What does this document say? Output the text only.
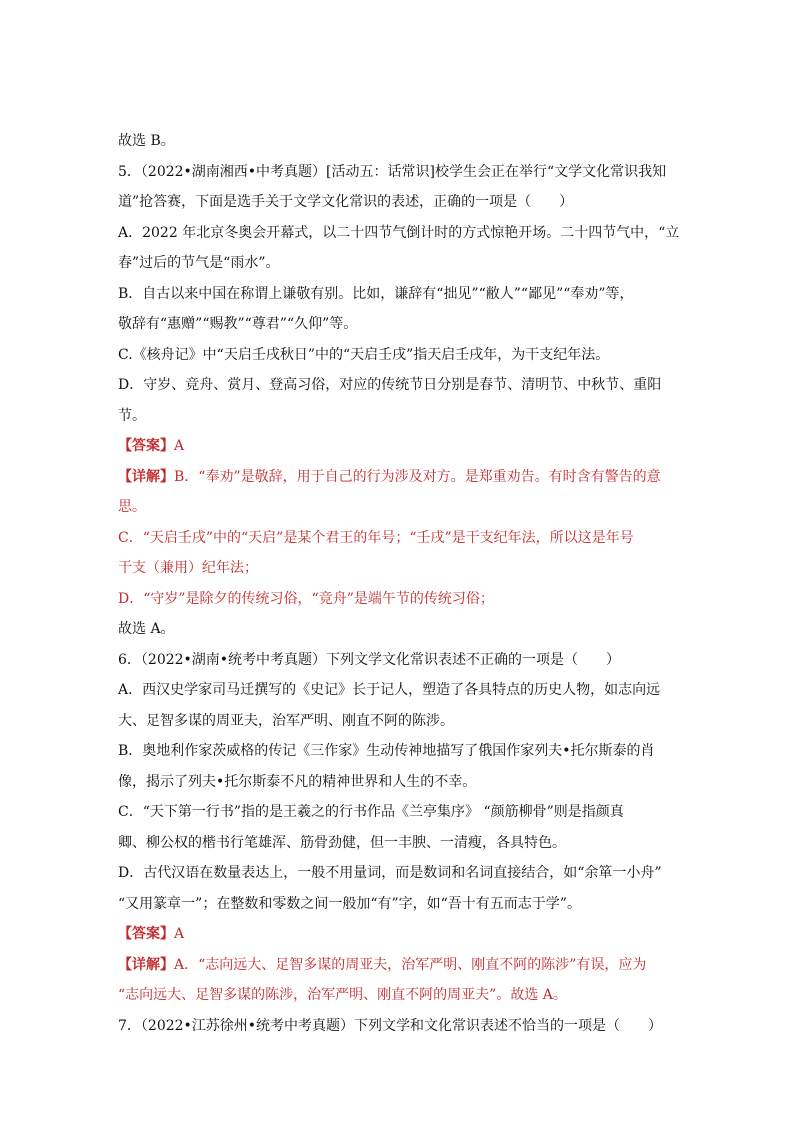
故选 B。
5．（2022•湖南湘西•中考真题）[活动五：话常识]校学生会正在举行“文学文化常识我知
道”抢答赛，下面是选手关于文学文化常识的表述，正确的一项是（　　）
A．2022 年北京冬奥会开幕式，以二十四节气倒计时的方式惊艳开场。二十四节气中，“立
春”过后的节气是“雨水”。
B．自古以来中国在称谓上谦敬有别。比如，谦辞有“拙见”“敝人”“鄙见”“奉劝”等，
敬辞有“惠赠”“赐教”“尊君”“久仰”等。
C.《核舟记》中“天启壬戌秋日”中的“天启壬戌”指天启壬戌年，为干支纪年法。
D．守岁、竞舟、赏月、登高习俗，对应的传统节日分别是春节、清明节、中秋节、重阳
节。
【答案】A
【详解】B．“奉劝”是敬辞，用于自己的行为涉及对方。是郑重劝告。有时含有警告的意
思。
C．“天启壬戌”中的“天启”是某个君王的年号；“壬戌”是干支纪年法，所以这是年号
干支（兼用）纪年法；
D．“守岁”是除夕的传统习俗，“竞舟”是端午节的传统习俗；
故选 A。
6．（2022•湖南•统考中考真题）下列文学文化常识表述不正确的一项是（　　）
A．西汉史学家司马迁撰写的《史记》长于记人，塑造了各具特点的历史人物，如志向远
大、足智多谋的周亚夫，治军严明、刚直不阿的陈涉。
B．奥地利作家茨威格的传记《三作家》生动传神地描写了俄国作家列夫•托尔斯泰的肖
像，揭示了列夫•托尔斯泰不凡的精神世界和人生的不幸。
C．“天下第一行书”指的是王羲之的行书作品《兰亭集序》 “颜筋柳骨”则是指颜真
卿、柳公权的楷书行笔雄浑、筋骨劲健，但一丰腴、一清瘦，各具特色。
D．古代汉语在数量表达上，一般不用量词，而是数词和名词直接结合，如“余箪一小舟”
“又用篆章一”；在整数和零数之间一般加“有”字，如“吾十有五而志于学”。
【答案】A
【详解】A．“志向远大、足智多谋的周亚夫，治军严明、刚直不阿的陈涉”有误，应为
“志向远大、足智多谋的陈涉，治军严明、刚直不阿的周亚夫”。故选 A。
7．（2022•江苏徐州•统考中考真题）下列文学和文化常识表述不恰当的一项是（　　）
